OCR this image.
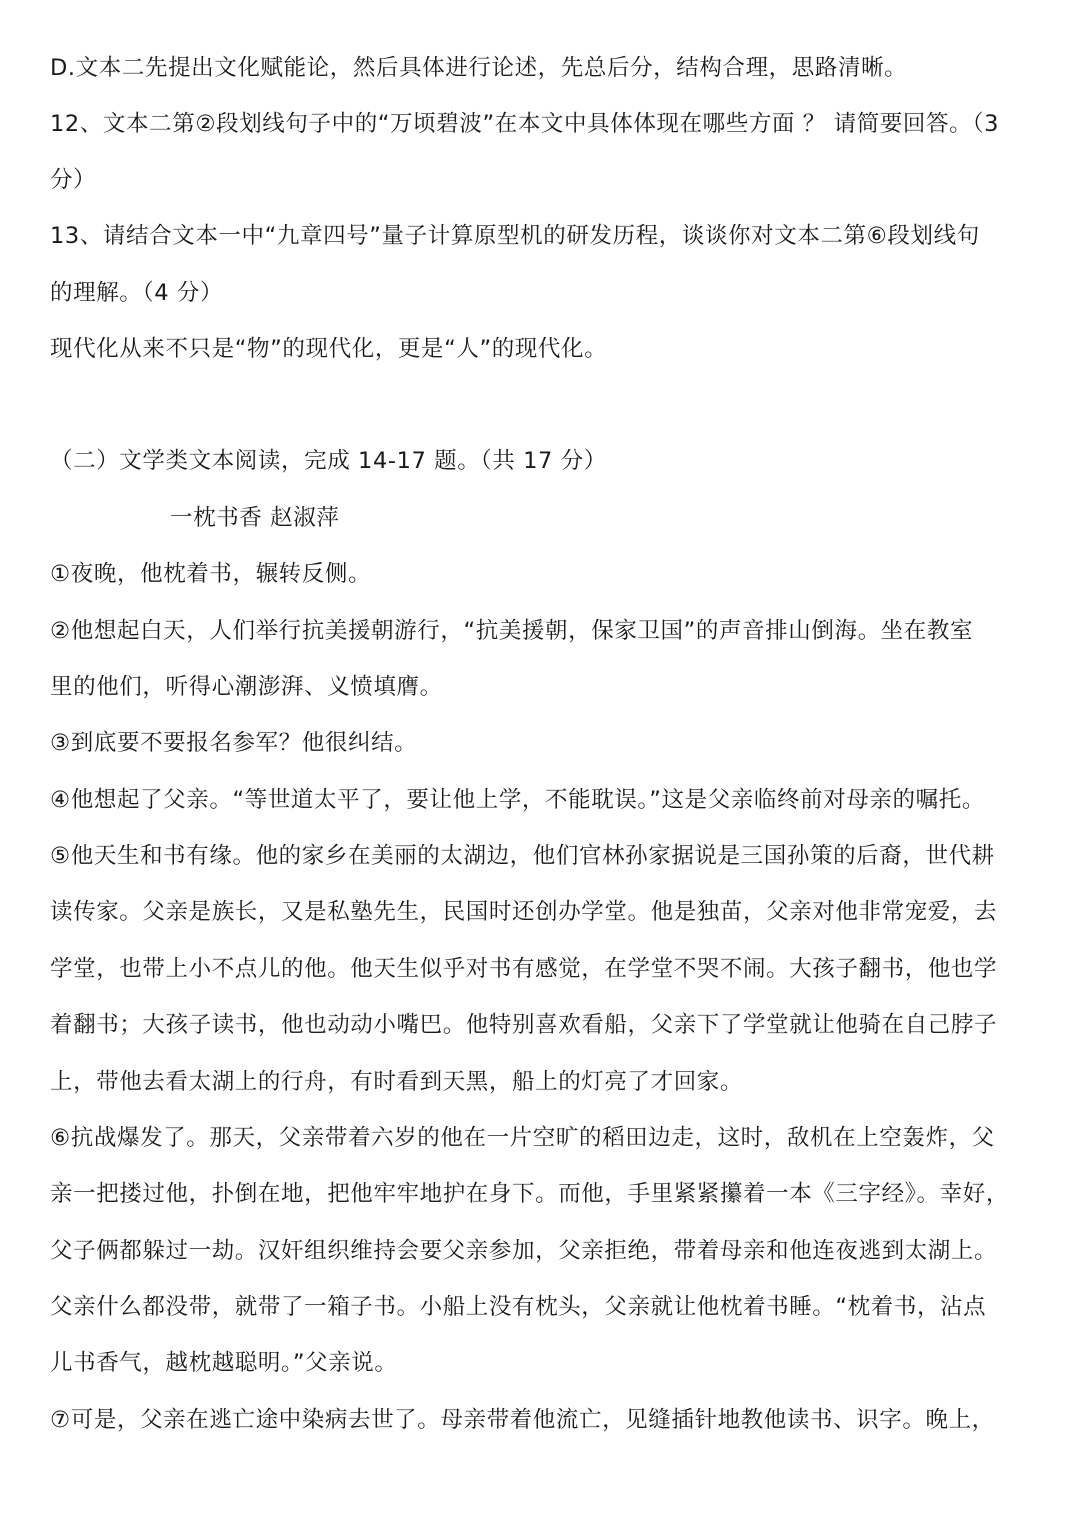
D.文本二先提出文化赋能论，然后具体进行论述，先总后分，结构合理，思路清晰。
12、文本二第②段划线句子中的“万顷碧波”在本文中具体体现在哪些方面 ？ 请简要回答。（3
分）
13、请结合文本一中“九章四号”量子计算原型机的研发历程，谈谈你对文本二第⑥段划线句
的理解。（4 分）
现代化从来不只是“物”的现代化，更是“人”的现代化。
（二）文学类文本阅读，完成 14-17 题。（共 17 分）
一枕书香 赵淑萍
①夜晚，他枕着书，辗转反侧。
②他想起白天，人们举行抗美援朝游行，“抗美援朝，保家卫国”的声音排山倒海。坐在教室
里的他们，听得心潮澎湃、义愤填膺。
③到底要不要报名参军？他很纠结。
④他想起了父亲。“等世道太平了，要让他上学，不能耽误。”这是父亲临终前对母亲的嘱托。
⑤他天生和书有缘。他的家乡在美丽的太湖边，他们官林孙家据说是三国孙策的后裔，世代耕
读传家。父亲是族长，又是私塾先生，民国时还创办学堂。他是独苗，父亲对他非常宠爱，去
学堂，也带上小不点儿的他。他天生似乎对书有感觉，在学堂不哭不闹。大孩子翻书，他也学
着翻书；大孩子读书，他也动动小嘴巴。他特别喜欢看船，父亲下了学堂就让他骑在自己脖子
上，带他去看太湖上的行舟，有时看到天黑，船上的灯亮了才回家。
⑥抗战爆发了。那天，父亲带着六岁的他在一片空旷的稻田边走，这时，敌机在上空轰炸，父
亲一把搂过他，扑倒在地，把他牢牢地护在身下。而他，手里紧紧攥着一本《三字经》。幸好，
父子俩都躲过一劫。汉奸组织维持会要父亲参加，父亲拒绝，带着母亲和他连夜逃到太湖上。
父亲什么都没带，就带了一箱子书。小船上没有枕头，父亲就让他枕着书睡。“枕着书，沾点
儿书香气，越枕越聪明。”父亲说。
⑦可是，父亲在逃亡途中染病去世了。母亲带着他流亡，见缝插针地教他读书、识字。晚上，
